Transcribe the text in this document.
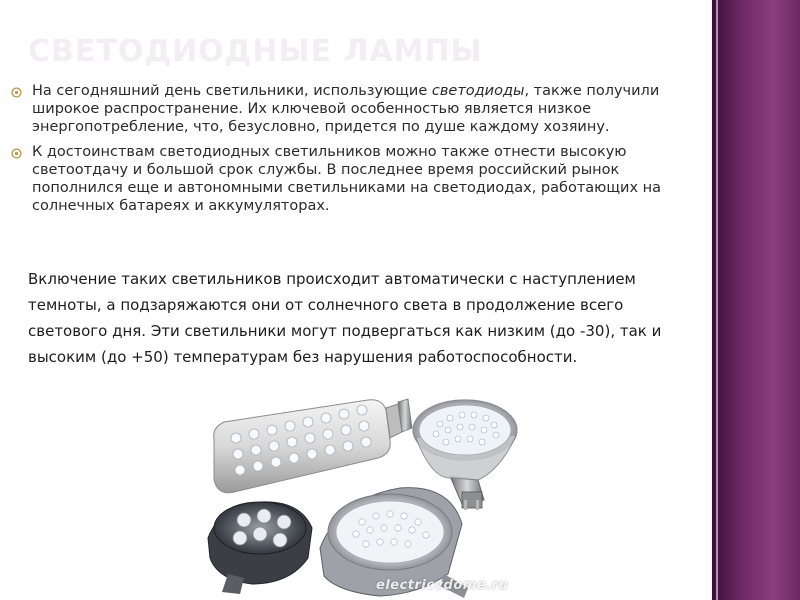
СВЕТОДИОДНЫЕ ЛАМПЫ
На сегодняшний день светильники, использующие светодиоды, также получили широкое распространение. Их ключевой особенностью является низкое энергопотребление, что, безусловно, придется по душе каждому хозяину.
К достоинствам светодиодных светильников можно также отнести высокую светоотдачу и большой срок службы. В последнее время российский рынок пополнился еще и автономными светильниками на светодиодах, работающих на солнечных батареях и аккумуляторах.
Включение таких светильников происходит автоматически с наступлением темноты, а подзаряжаются они от солнечного света в продолжение всего светового дня. Эти светильники могут подвергаться как низким (до -30), так и высоким (до +50) температурам без нарушения работоспособности.
electricvdome.ru
